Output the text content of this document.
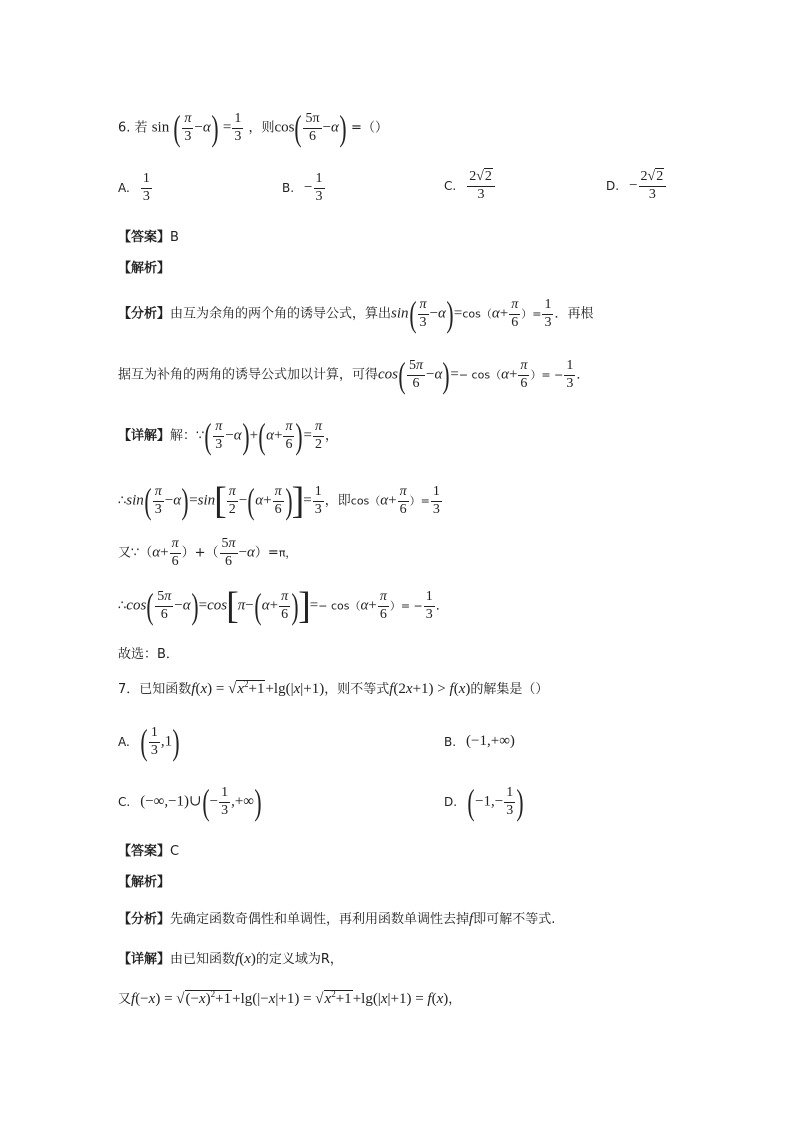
6. 若 sin ( $\frac{\pi}{3} -\alpha) = \frac{1}{3}$ ，则$\cos( \frac{5\pi}{6} -\alpha)$ =（）
A. $\frac{1}{3}$	B. − $\frac{1}{3}$	C. $\frac{2√2}{3}$	D. − $\frac{2√2}{3}$
【答案】B
【解析】
【分析】由互为余角的两个角的诱导公式，算出$\sin( \frac{\pi}{3} -\alpha)=\cos(\alpha+ \frac{\pi}{6}$ ）= $\frac{1}{3}$ ．再根
据互为补角的两角的诱导公式加以计算，可得$\cos( \frac{5\pi}{6} -\alpha)=- \cos(\alpha+ \frac{\pi}{6}$ ）= − $\frac{1}{3}$ ．
【详解】解：∵( $\frac{\pi}{3} -\alpha)+(\alpha+ \frac{\pi}{6}$ )= $\frac{\pi}{2}$ ，
∴sin( $\frac{\pi}{3} -\alpha)=\sin[ \frac{\pi}{2} -(\alpha+ \frac{\pi}{6}$ )]= $\frac{1}{3}$ ，即$\cos(\alpha+ \frac{\pi}{6}$ ）= $\frac{1}{3}$
又∵（α+ $\frac{\pi}{6}$ ）+（ $\frac{5\pi}{6} -\alpha)=\pi$，
∴cos( $\frac{5\pi}{6} -\alpha)=\cos[\pi-(\alpha+ \frac{\pi}{6}$ )]=− $\cos(\alpha+ \frac{\pi}{6}$ ）= − $\frac{1}{3}$ ．
故选：B．
7．已知函数$f(x) = √x^2+1+\lg(|x|+1)$，则不等式f(2x+1) > f(x)的解集是（）
A. ( $\frac{1}{3} ,1$)	B. (−1,+∞)
C. (−∞,−1)∪(− $\frac{1}{3}$ ,+∞)	D. ($-1,- \frac{1}{3}$ )
【答案】C
【解析】
【分析】先确定函数奇偶性和单调性，再利用函数单调性去掉f即可解不等式.
【详解】由已知函数f(x)的定义域为R，
又$f(-x) = √(-x)^2+1+\lg(|-x|+1) = √x^2+1+\lg(|x|+1) = f(x)$，
